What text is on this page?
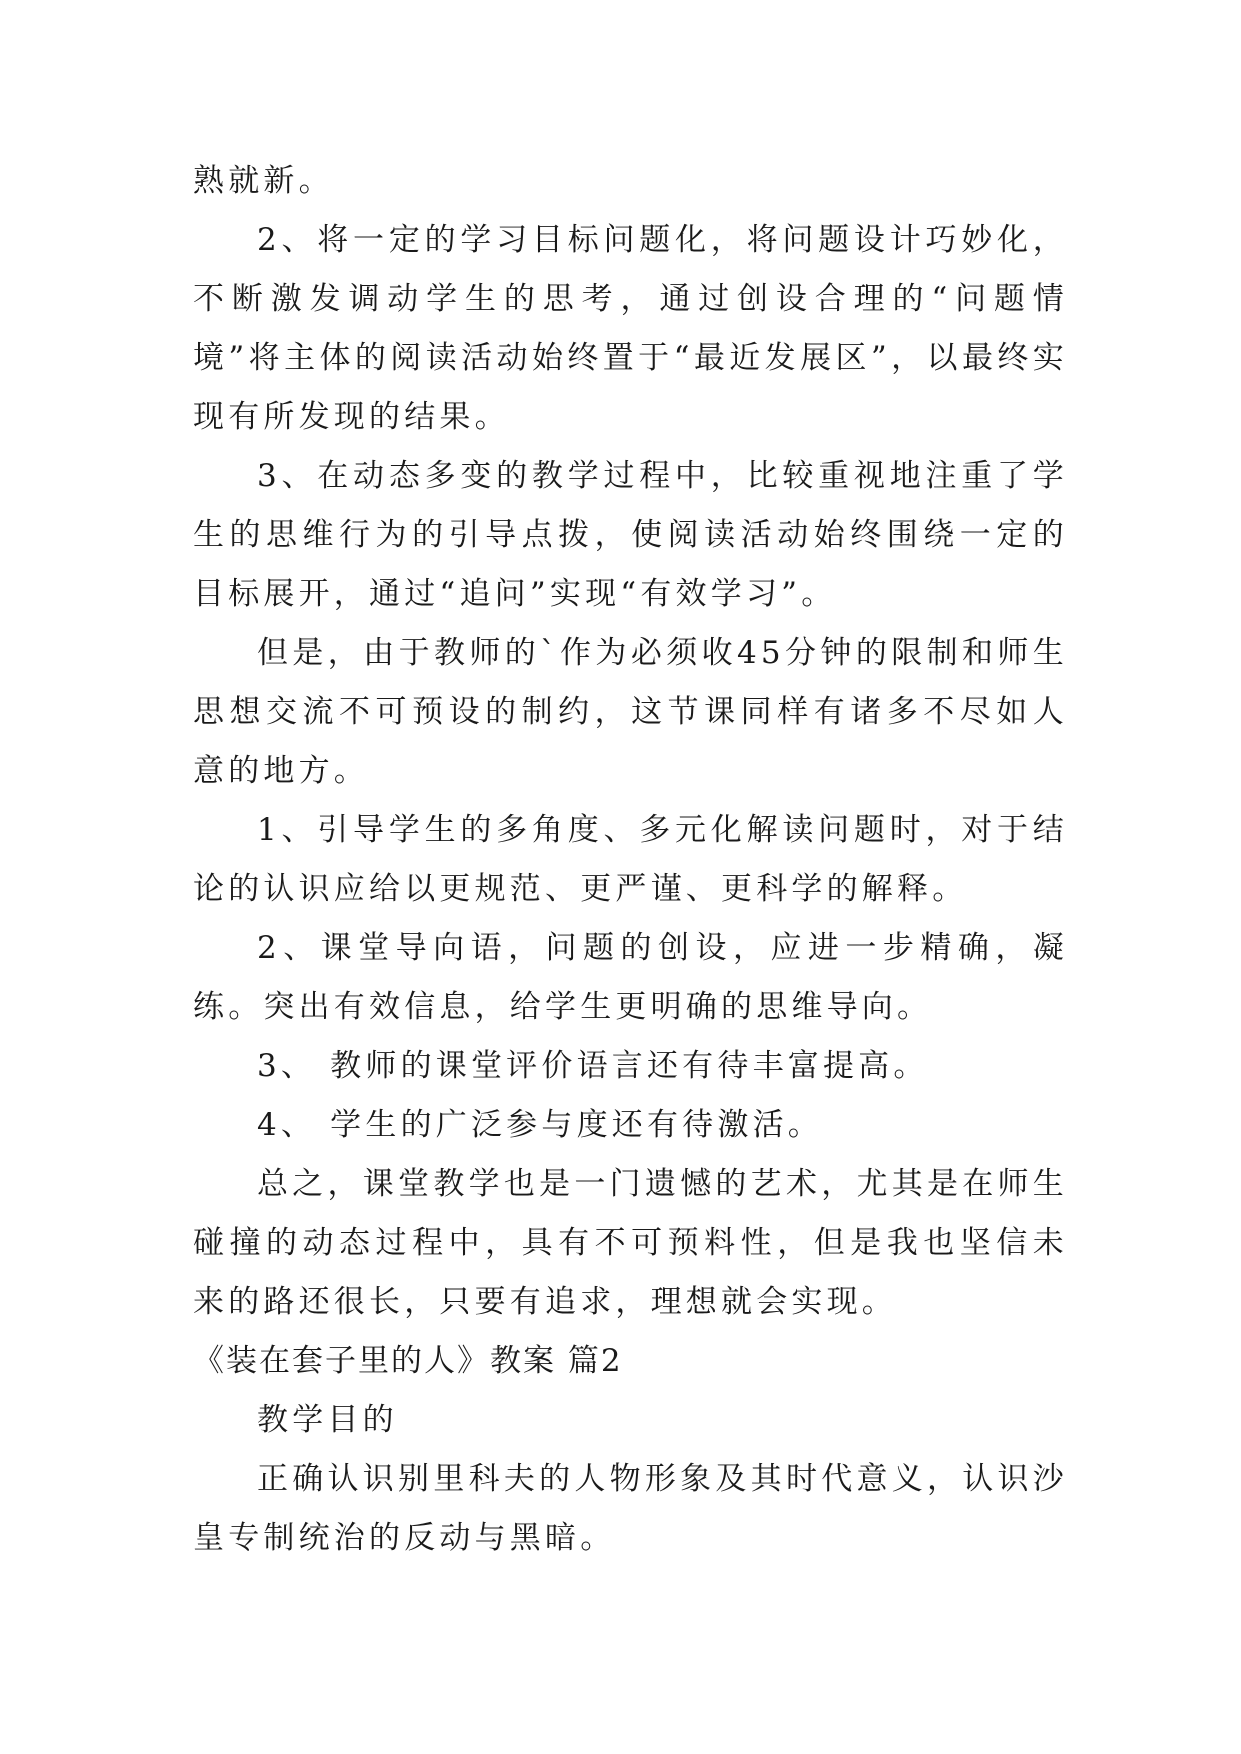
熟就新。

2、将一定的学习目标问题化，将问题设计巧妙化，不断激发调动学生的思考，通过创设合理的“问题情境”将主体的阅读活动始终置于“最近发展区”，以最终实现有所发现的结果。

3、在动态多变的教学过程中，比较重视地注重了学生的思维行为的引导点拨，使阅读活动始终围绕一定的目标展开，通过“追问”实现“有效学习”。

但是，由于教师的`作为必须收45分钟的限制和师生思想交流不可预设的制约，这节课同样有诸多不尽如人意的地方。

1、引导学生的多角度、多元化解读问题时，对于结论的认识应给以更规范、更严谨、更科学的解释。

2、课堂导向语，问题的创设，应进一步精确，凝练。突出有效信息，给学生更明确的思维导向。

3、 教师的课堂评价语言还有待丰富提高。

4、 学生的广泛参与度还有待激活。

总之，课堂教学也是一门遗憾的艺术，尤其是在师生碰撞的动态过程中，具有不可预料性，但是我也坚信未来的路还很长，只要有追求，理想就会实现。

《装在套子里的人》教案 篇2

教学目的

正确认识别里科夫的人物形象及其时代意义，认识沙皇专制统治的反动与黑暗。
